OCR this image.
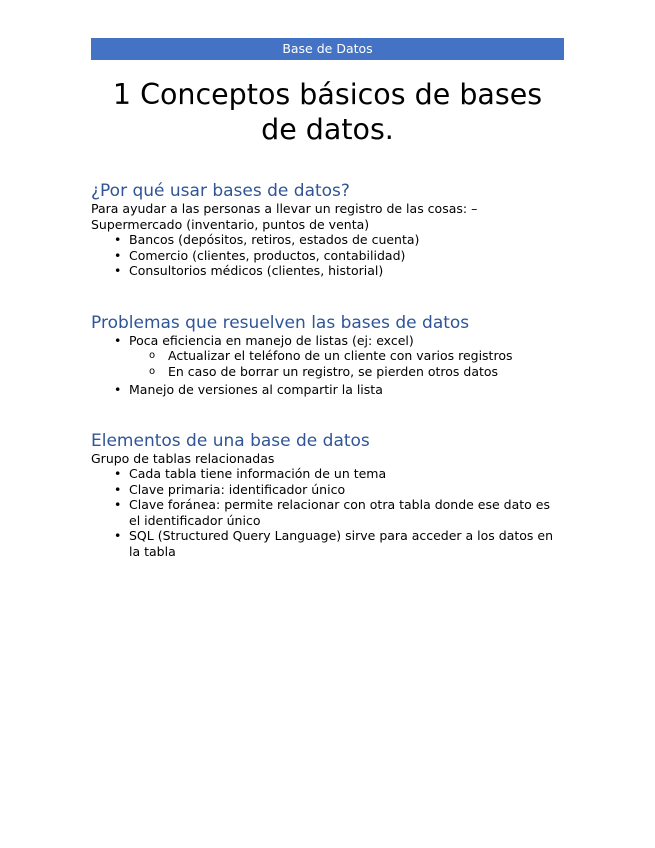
Base de Datos
1 Conceptos básicos de bases de datos.
¿Por qué usar bases de datos?

Para ayudar a las personas a llevar un registro de las cosas: – Supermercado (inventario, puntos de venta)

• Bancos (depósitos, retiros, estados de cuenta)
• Comercio (clientes, productos, contabilidad)
• Consultorios médicos (clientes, historial)
Problemas que resuelven las bases de datos
• Poca eficiencia en manejo de listas (ej: excel)
o Actualizar el teléfono de un cliente con varios registros
o En caso de borrar un registro, se pierden otros datos
• Manejo de versiones al compartir la lista
Elementos de una base de datos

Grupo de tablas relacionadas

• Cada tabla tiene información de un tema
• Clave primaria: identificador único
• Clave foránea: permite relacionar con otra tabla donde ese dato es el identificador único
• SQL (Structured Query Language) sirve para acceder a los datos en la tabla
